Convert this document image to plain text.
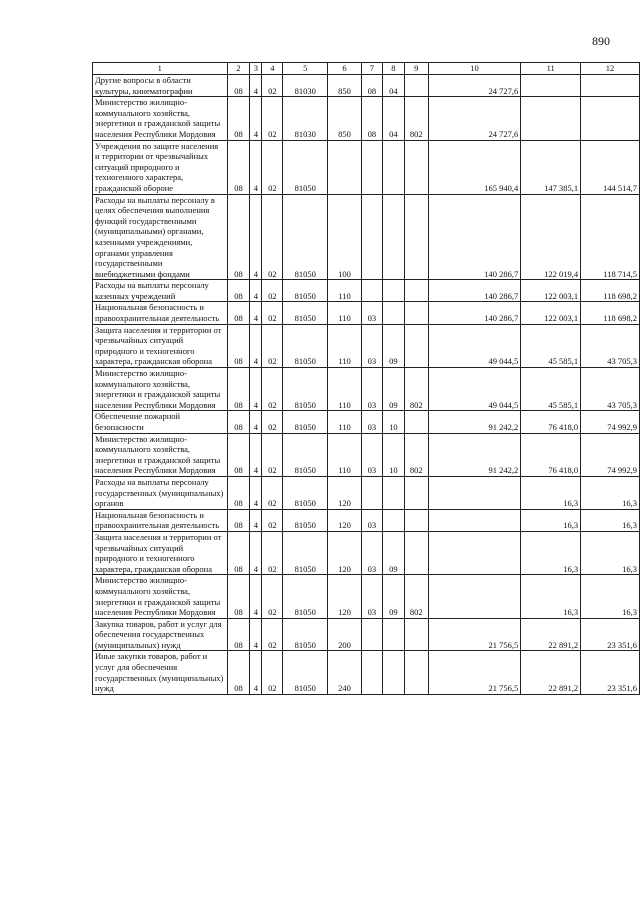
890
1	2	3	4	5	6	7	8	9	10	11	12
Другие вопросы в области культуры, кинематографии	08	4	02	81030	850	08	04		24 727,6		
Министерство жилищно-коммунального хозяйства, энергетики и гражданской защиты населения Республики Мордовия	08	4	02	81030	850	08	04	802	24 727,6		
Учреждения по защите населения и территории от чрезвычайных ситуаций природного и техногенного характера, гражданской обороне	08	4	02	81050					165 940,4	147 385,1	144 514,7
Расходы на выплаты персоналу в целях обеспечения выполнения функций государственными (муниципальными) органами, казенными учреждениями, органами управления государственными внебюджетными фондами	08	4	02	81050	100				140 286,7	122 019,4	118 714,5
Расходы на выплаты персоналу казенных учреждений	08	4	02	81050	110				140 286,7	122 003,1	118 698,2
Национальная безопасность и правоохранительная деятельность	08	4	02	81050	110	03			140 286,7	122 003,1	118 698,2
Защита населения и территории от чрезвычайных ситуаций природного и техногенного характера, гражданская оборона	08	4	02	81050	110	03	09		49 044,5	45 585,1	43 705,3
Министерство жилищно-коммунального хозяйства, энергетики и гражданской защиты населения Республики Мордовия	08	4	02	81050	110	03	09	802	49 044,5	45 585,1	43 705,3
Обеспечение пожарной безопасности	08	4	02	81050	110	03	10		91 242,2	76 418,0	74 992,9
Министерство жилищно-коммунального хозяйства, энергетики и гражданской защиты населения Республики Мордовия	08	4	02	81050	110	03	10	802	91 242,2	76 418,0	74 992,9
Расходы на выплаты персоналу государственных (муниципальных) органов	08	4	02	81050	120					16,3	16,3
Национальная безопасность и правоохранительная деятельность	08	4	02	81050	120	03				16,3	16,3
Защита населения и территории от чрезвычайных ситуаций природного и техногенного характера, гражданская оборона	08	4	02	81050	120	03	09			16,3	16,3
Министерство жилищно-коммунального хозяйства, энергетики и гражданской защиты населения Республики Мордовия	08	4	02	81050	120	03	09	802		16,3	16,3
Закупка товаров, работ и услуг для обеспечения государственных (муниципальных) нужд	08	4	02	81050	200				21 756,5	22 891,2	23 351,6
Иные закупки товаров, работ и услуг для обеспечения государственных (муниципальных) нужд	08	4	02	81050	240				21 756,5	22 891,2	23 351,6
